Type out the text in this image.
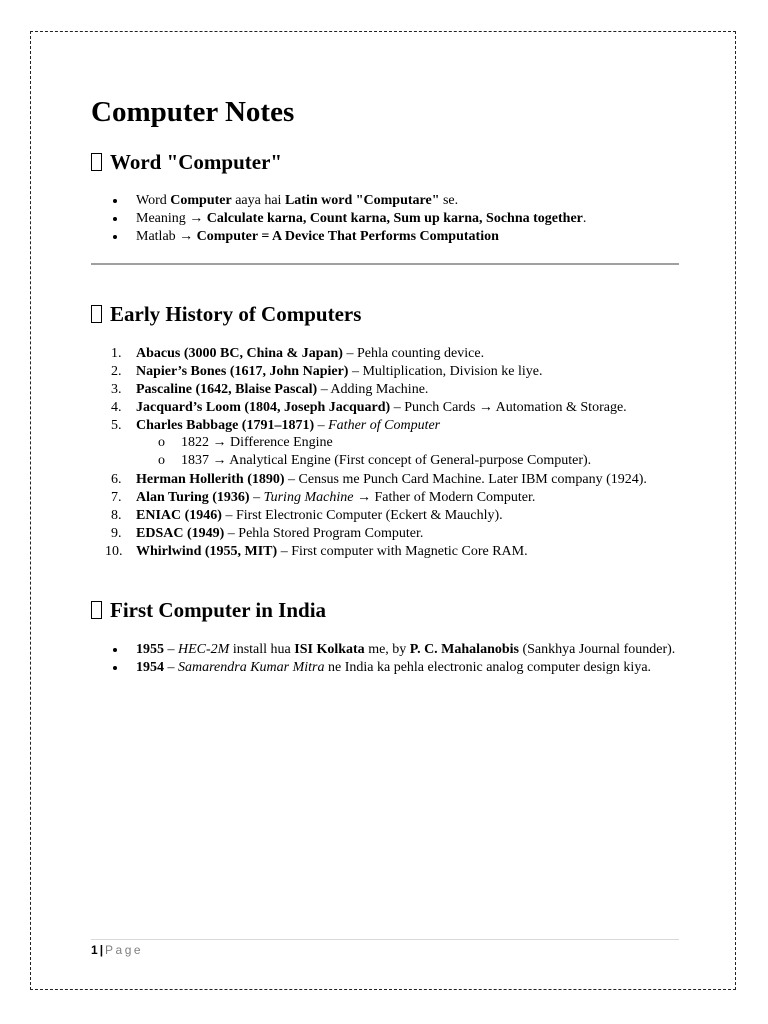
Computer Notes
Word "Computer"
Word Computer aaya hai Latin word "Computare" se.
Meaning → Calculate karna, Count karna, Sum up karna, Sochna together.
Matlab → Computer = A Device That Performs Computation
Early History of Computers
1. Abacus (3000 BC, China & Japan) – Pehla counting device.
2. Napier’s Bones (1617, John Napier) – Multiplication, Division ke liye.
3. Pascaline (1642, Blaise Pascal) – Adding Machine.
4. Jacquard’s Loom (1804, Joseph Jacquard) – Punch Cards → Automation & Storage.
5. Charles Babbage (1791–1871) – Father of Computer
o 1822 → Difference Engine
o 1837 → Analytical Engine (First concept of General-purpose Computer).
6. Herman Hollerith (1890) – Census me Punch Card Machine. Later IBM company (1924).
7. Alan Turing (1936) – Turing Machine → Father of Modern Computer.
8. ENIAC (1946) – First Electronic Computer (Eckert & Mauchly).
9. EDSAC (1949) – Pehla Stored Program Computer.
10. Whirlwind (1955, MIT) – First computer with Magnetic Core RAM.
First Computer in India
1955 – HEC-2M install hua ISI Kolkata me, by P. C. Mahalanobis (Sankhya Journal founder).
1954 – Samarendra Kumar Mitra ne India ka pehla electronic analog computer design kiya.
1 | Page
